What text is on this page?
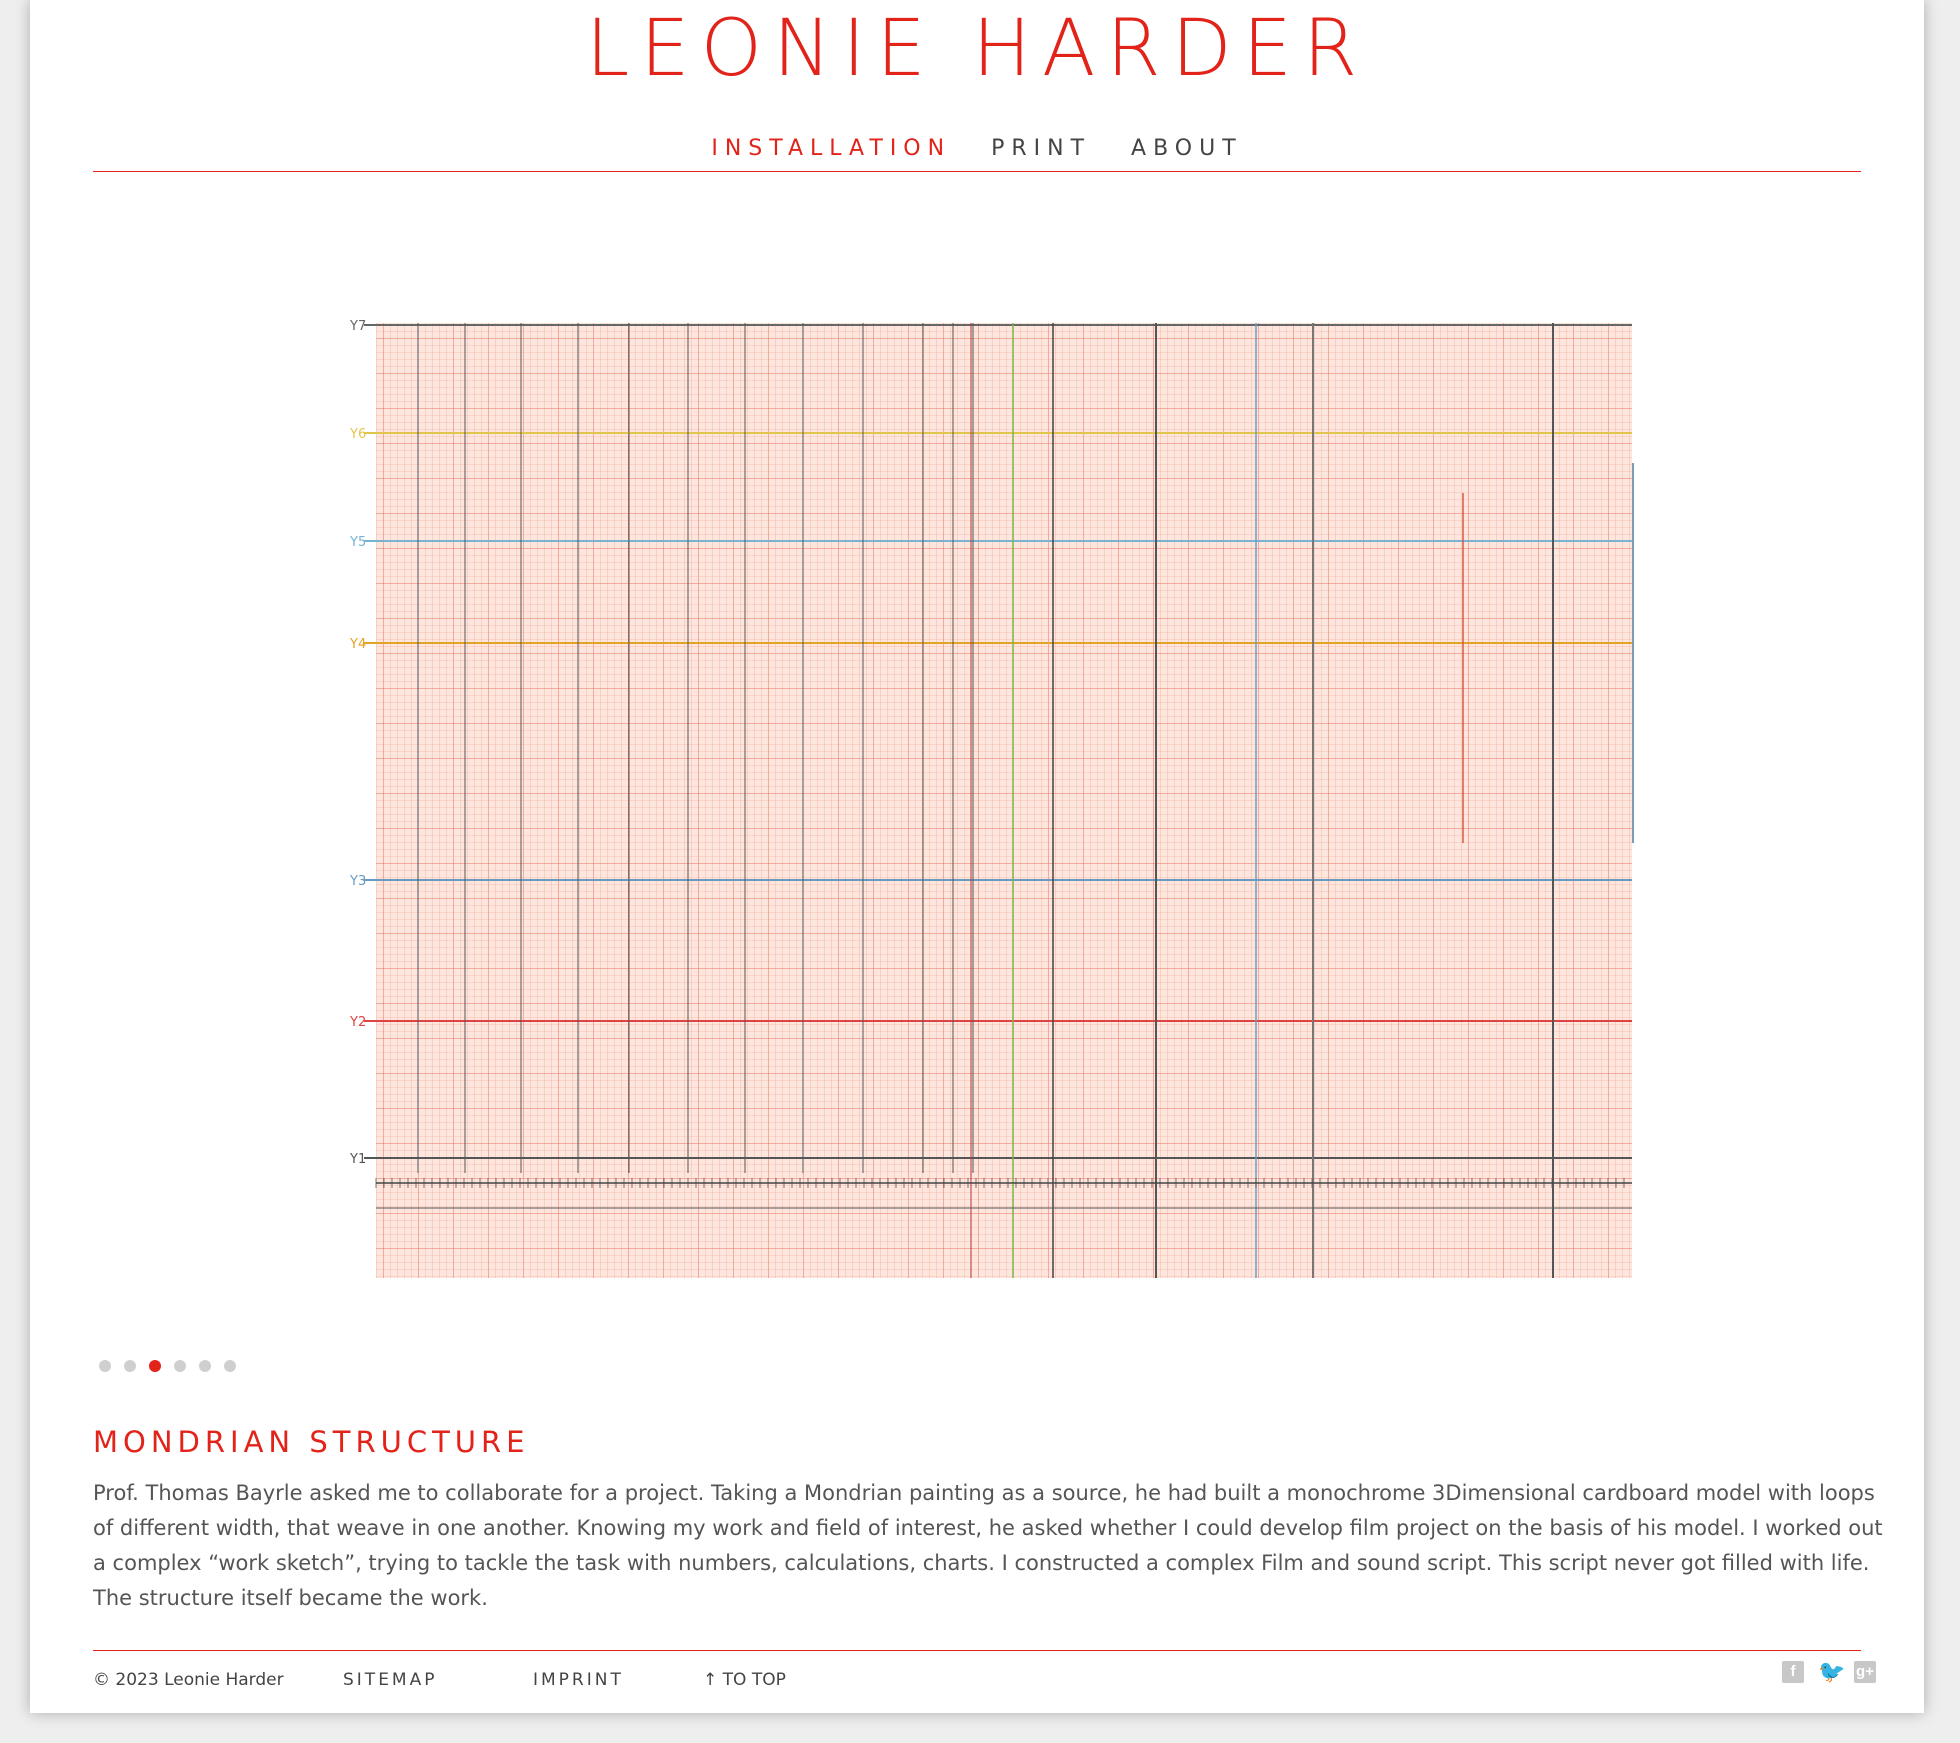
LEONIE HARDER
INSTALLATION PRINT ABOUT
Y1
Y2
Y3
Y4
Y5
Y6
Y7
MONDRIAN STRUCTURE

Prof. Thomas Bayrle asked me to collaborate for a project. Taking a Mondrian painting as a source, he had built a monochrome 3Dimensional cardboard model with loops of different width, that weave in one another. Knowing my work and field of interest, he asked whether I could develop film project on the basis of his model. I worked out a complex “work sketch”, trying to tackle the task with numbers, calculations, charts. I constructed a complex Film and sound script. This script never got filled with life. The structure itself became the work.

© 2023 Leonie Harder	SITEMAP	IMPRINT	↑ TO TOP	f	🐦 g+
